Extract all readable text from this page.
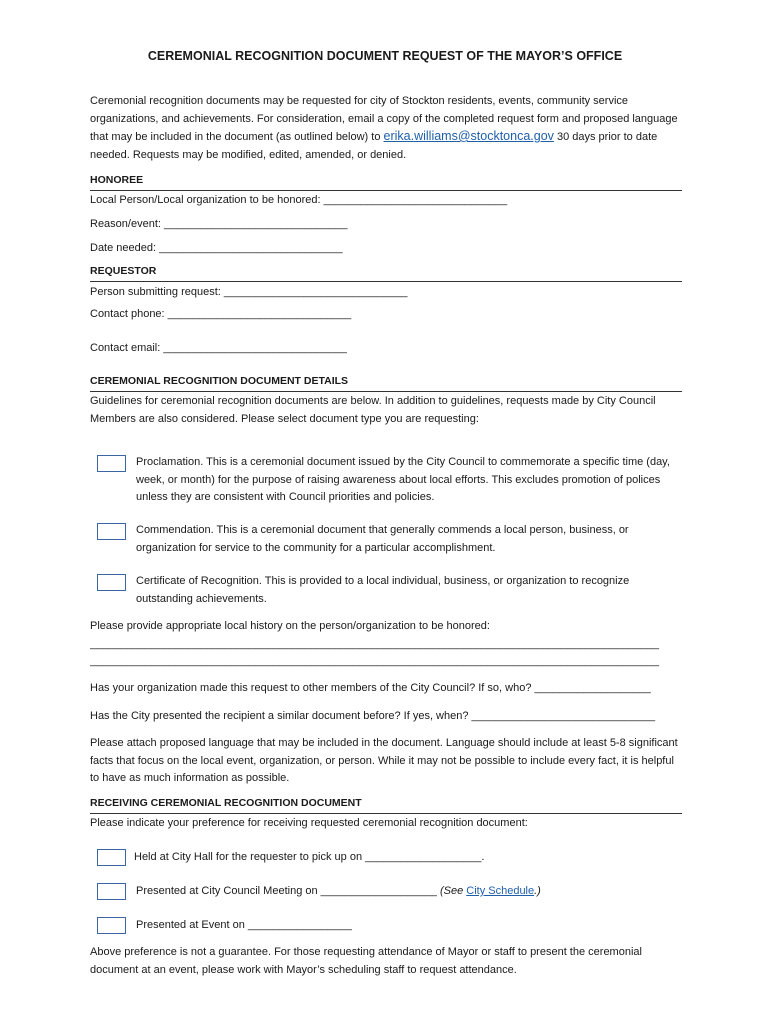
CEREMONIAL RECOGNITION DOCUMENT REQUEST OF THE MAYOR’S OFFICE
Ceremonial recognition documents may be requested for city of Stockton residents, events, community service organizations, and achievements. For consideration, email a copy of the completed request form and proposed language that may be included in the document (as outlined below) to erika.williams@stocktonca.gov 30 days prior to date needed. Requests may be modified, edited, amended, or denied.
HONOREE
Local Person/Local organization to be honored: ______________________________
Reason/event: ______________________________
Date needed: ______________________________
REQUESTOR
Person submitting request: ______________________________
Contact phone: ______________________________
Contact email: ______________________________
CEREMONIAL RECOGNITION DOCUMENT DETAILS
Guidelines for ceremonial recognition documents are below. In addition to guidelines, requests made by City Council Members are also considered. Please select document type you are requesting:
Proclamation. This is a ceremonial document issued by the City Council to commemorate a specific time (day, week, or month) for the purpose of raising awareness about local efforts. This excludes promotion of polices unless they are consistent with Council priorities and policies.
Commendation. This is a ceremonial document that generally commends a local person, business, or organization for service to the community for a particular accomplishment.
Certificate of Recognition. This is provided to a local individual, business, or organization to recognize outstanding achievements.
Please provide appropriate local history on the person/organization to be honored:
_____________________________________________________________________________________________
_____________________________________________________________________________________________
Has your organization made this request to other members of the City Council? If so, who? ___________________
Has the City presented the recipient a similar document before? If yes, when? ______________________________
Please attach proposed language that may be included in the document. Language should include at least 5-8 significant facts that focus on the local event, organization, or person. While it may not be possible to include every fact, it is helpful to have as much information as possible.
RECEIVING CEREMONIAL RECOGNITION DOCUMENT
Please indicate your preference for receiving requested ceremonial recognition document:
Held at City Hall for the requester to pick up on ___________________.
Presented at City Council Meeting on ___________________ (See City Schedule.)
Presented at Event on _________________
Above preference is not a guarantee. For those requesting attendance of Mayor or staff to present the ceremonial document at an event, please work with Mayor’s scheduling staff to request attendance.
